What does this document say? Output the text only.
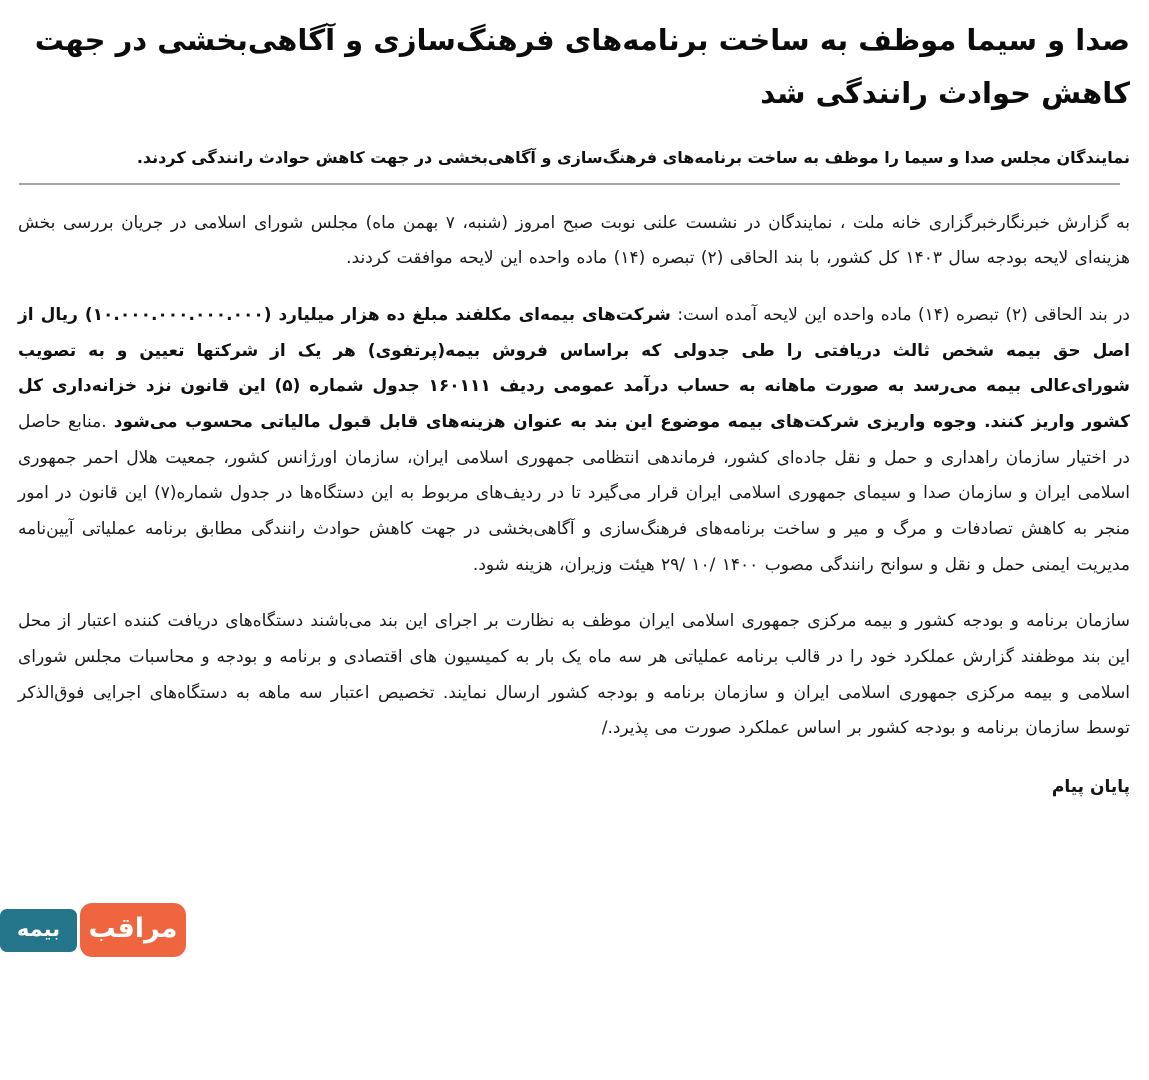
صدا و سیما موظف به ساخت برنامه‌های فرهنگ‌سازی و آگاهی‌بخشی در جهت کاهش حوادث رانندگی شد

نمایندگان مجلس صدا و سیما را موظف به ساخت برنامه‌های فرهنگ‌سازی و آگاهی‌بخشی در جهت کاهش حوادث رانندگی کردند.

به گزارش خبرنگارخبرگزاری خانه ملت ، نمایندگان در نشست علنی نوبت صبح امروز (شنبه، ۷ بهمن ماه) مجلس شورای اسلامی در جریان بررسی بخش هزینه‌ای لایحه بودجه سال ۱۴۰۳ کل کشور، با بند الحاقی (۲) تبصره (۱۴) ماده واحده این لایحه موافقت کردند.

در بند الحاقی (۲) تبصره (۱۴) ماده واحده این لایحه آمده است: شرکت‌های بیمه‌ای مکلفند مبلغ ده هزار میلیارد (۱۰.۰۰۰.۰۰۰.۰۰۰.۰۰۰) ریال از اصل حق بیمه شخص ثالث دریافتی را طی جدولی که براساس فروش بیمه(پرتفوی) هر یک از شرکتها تعیین و به تصویب شورای‌عالی بیمه می‌رسد به صورت ماهانه به حساب درآمد عمومی ردیف ۱۶۰۱۱۱ جدول شماره (۵) این قانون نزد خزانه‌داری کل کشور واریز کنند. وجوه واریزی شرکت‌های بیمه موضوع این بند به عنوان هزینه‌های قابل قبول مالیاتی محسوب می‌شود .منابع حاصل در اختیار سازمان راهداری و حمل و نقل جاده‌ای کشور، فرماندهی انتظامی جمهوری اسلامی ایران، سازمان اورژانس کشور، جمعیت هلال احمر جمهوری اسلامی ایران و سازمان صدا و سیمای جمهوری اسلامی ایران قرار می‌گیرد تا در ردیف‌های مربوط به این دستگاه‌ها در جدول شماره(۷) این قانون در امور منجر به کاهش تصادفات و مرگ و میر و ساخت برنامه‌های فرهنگ‌سازی و آگاهی‌بخشی در جهت کاهش حوادث رانندگی مطابق برنامه عملیاتی آیین‌نامه مدیریت ایمنی حمل و نقل و سوانح رانندگی مصوب ‪۲۹/ ۱۰/ ۱۴۰۰‬ هیئت وزیران، هزینه شود.

سازمان برنامه و بودجه کشور و بیمه مرکزی جمهوری اسلامی ایران موظف به نظارت بر اجرای این بند می‌باشند دستگاه‌های دریافت کننده اعتبار از محل این بند موظفند گزارش عملکرد خود را در قالب برنامه عملیاتی هر سه ماه یک بار به کمیسیون های اقتصادی و برنامه و بودجه و محاسبات مجلس شورای اسلامی و بیمه مرکزی جمهوری اسلامی ایران و سازمان برنامه و بودجه کشور ارسال نمایند. تخصیص اعتبار سه ماهه به دستگاه‌های اجرایی فوق‌الذکر توسط سازمان برنامه و بودجه کشور بر اساس عملکرد صورت می پذیرد./

پایان پیام

مراقب
بیمه
